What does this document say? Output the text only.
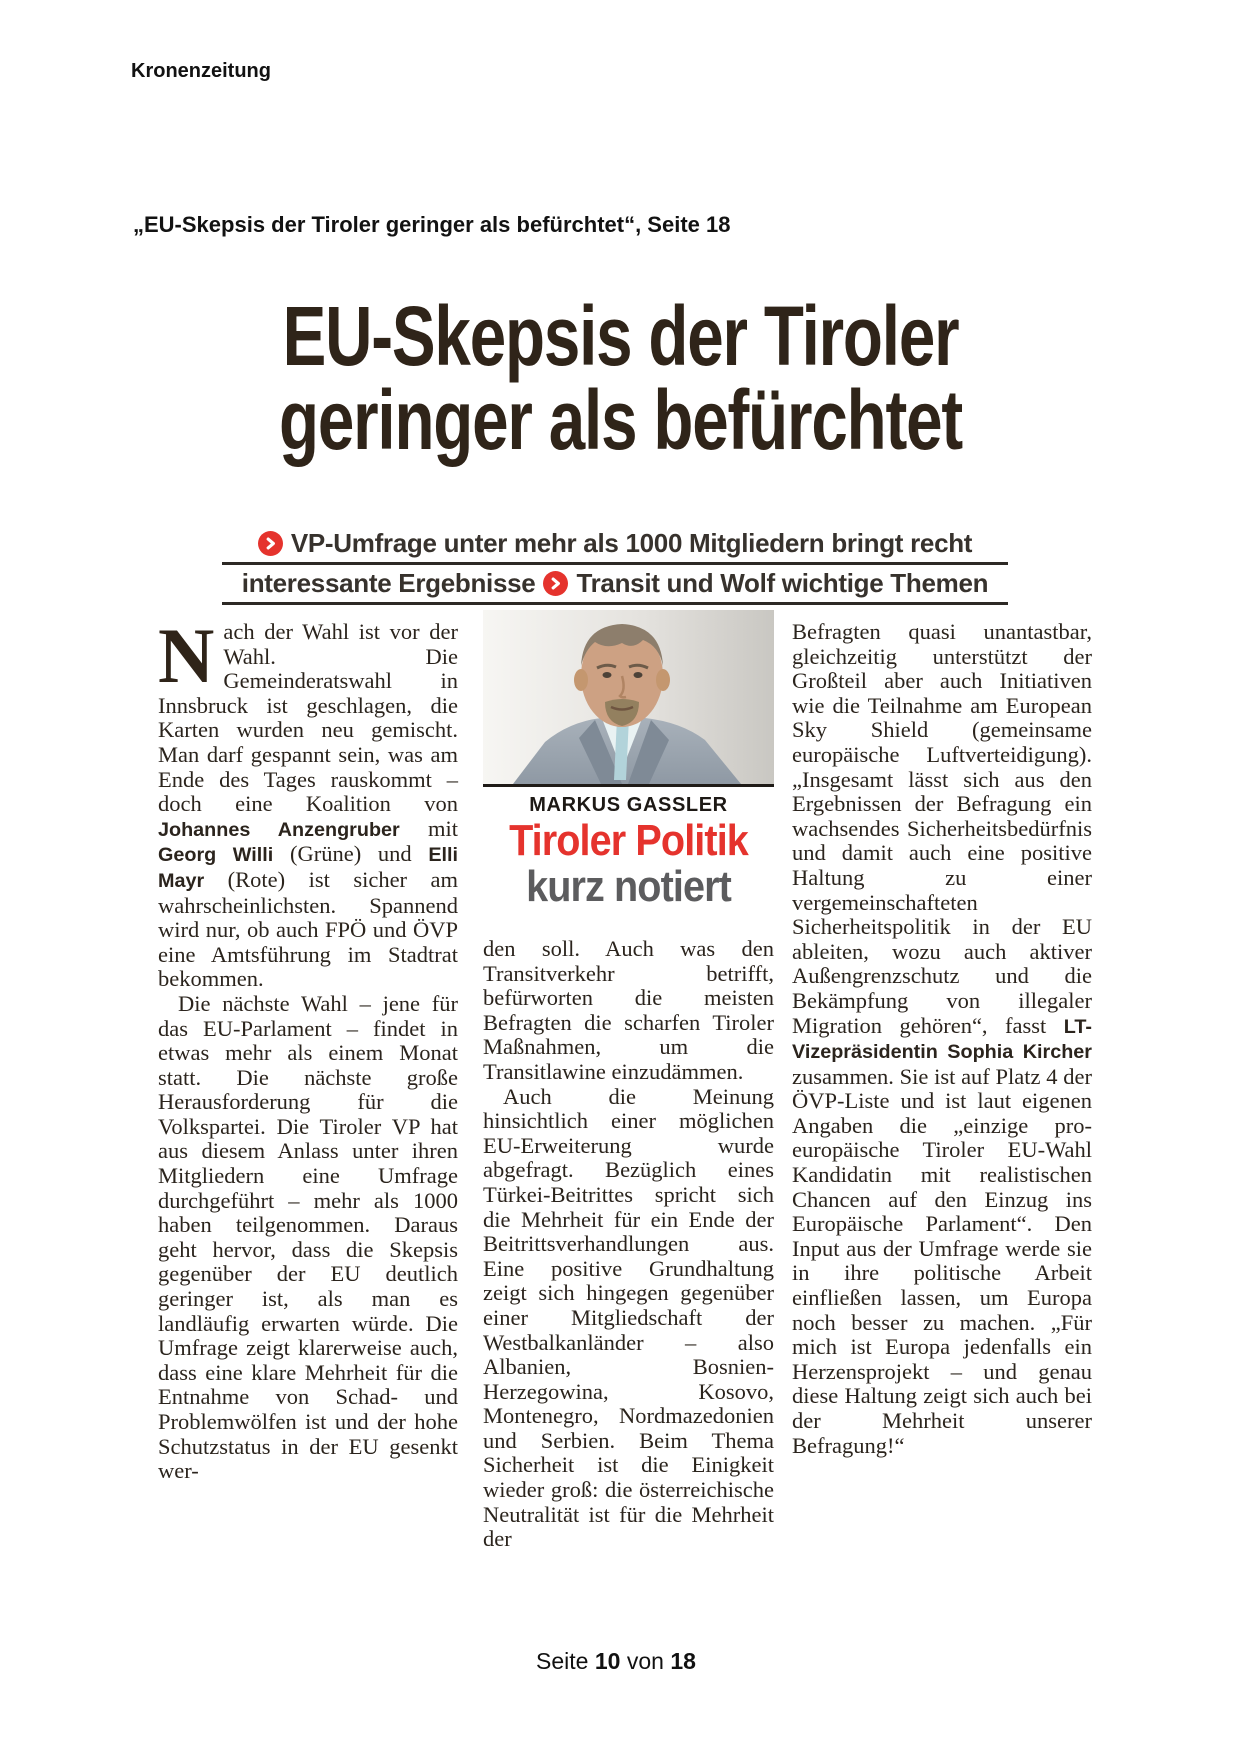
Kronenzeitung
„EU-Skepsis der Tiroler geringer als befürchtet“, Seite 18
EU-Skepsis der Tiroler
geringer als befürchtet
VP-Umfrage unter mehr als 1000 Mitgliedern bringt recht
interessante Ergebnisse Transit und Wolf wichtige Themen

Nach der Wahl ist vor der Wahl. Die Gemeinderatswahl in Innsbruck ist geschlagen, die Karten wurden neu gemischt. Man darf gespannt sein, was am Ende des Tages rauskommt – doch eine Koalition von Johannes Anzengruber mit Georg Willi (Grüne) und Elli Mayr (Rote) ist sicher am wahrscheinlichsten. Spannend wird nur, ob auch FPÖ und ÖVP eine Amtsführung im Stadtrat bekommen.

Die nächste Wahl – jene für das EU-Parlament – findet in etwas mehr als einem Monat statt. Die nächste große Herausforderung für die Volkspartei. Die Tiroler VP hat aus diesem Anlass unter ihren Mitgliedern eine Umfrage durchgeführt – mehr als 1000 haben teilgenommen. Daraus geht hervor, dass die Skepsis gegenüber der EU deutlich geringer ist, als man es landläufig erwarten würde. Die Umfrage zeigt klarerweise auch, dass eine klare Mehrheit für die Entnahme von Schad- und Problemwölfen ist und der hohe Schutzstatus in der EU gesenkt wer-

MARKUS GASSLER
Tiroler Politik
kurz notiert

den soll. Auch was den Transitverkehr betrifft, befürworten die meisten Befragten die scharfen Tiroler Maßnahmen, um die Transitlawine einzudämmen.

Auch die Meinung hinsichtlich einer möglichen EU-Erweiterung wurde abgefragt. Bezüglich eines Türkei-Beitrittes spricht sich die Mehrheit für ein Ende der Beitrittsverhandlungen aus. Eine positive Grundhaltung zeigt sich hingegen gegenüber einer Mitgliedschaft der Westbalkanländer – also Albanien, Bosnien-Herzegowina, Kosovo, Montenegro, Nordmazedonien und Serbien. Beim Thema Sicherheit ist die Einigkeit wieder groß: die österreichische Neutralität ist für die Mehrheit der

Befragten quasi unantastbar, gleichzeitig unterstützt der Großteil aber auch Initiativen wie die Teilnahme am European Sky Shield (gemeinsame europäische Luftverteidigung). „Insgesamt lässt sich aus den Ergebnissen der Befragung ein wachsendes Sicherheitsbedürfnis und damit auch eine positive Haltung zu einer vergemeinschafteten Sicherheitspolitik in der EU ableiten, wozu auch aktiver Außengrenzschutz und die Bekämpfung von illegaler Migration gehören“, fasst LT-Vizepräsidentin Sophia Kircher zusammen. Sie ist auf Platz 4 der ÖVP-Liste und ist laut eigenen Angaben die „einzige pro-europäische Tiroler EU-Wahl Kandidatin mit realistischen Chancen auf den Einzug ins Europäische Parlament“. Den Input aus der Umfrage werde sie in ihre politische Arbeit einfließen lassen, um Europa noch besser zu machen. „Für mich ist Europa jedenfalls ein Herzensprojekt – und genau diese Haltung zeigt sich auch bei der Mehrheit unserer Befragung!“

Seite 10 von 18
